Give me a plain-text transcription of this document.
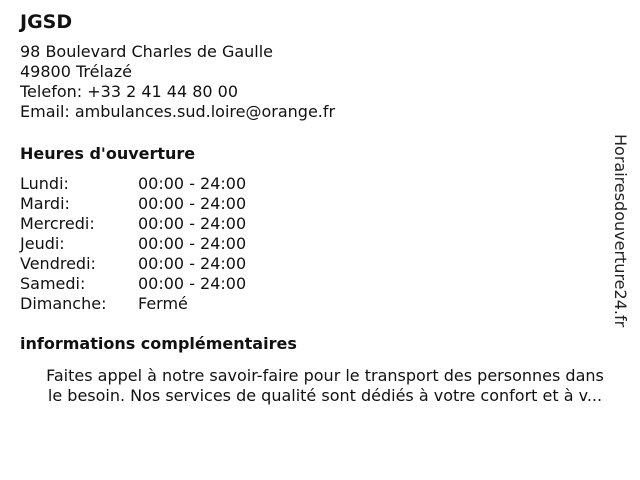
JGSD
98 Boulevard Charles de Gaulle
49800 Trélazé
Telefon: +33 2 41 44 80 00
Email: ambulances.sud.loire@orange.fr
Heures d'ouverture
Lundi:	00:00 - 24:00
Mardi:	00:00 - 24:00
Mercredi:	00:00 - 24:00
Jeudi:	00:00 - 24:00
Vendredi:	00:00 - 24:00
Samedi:	00:00 - 24:00
Dimanche:	Fermé
informations complémentaires
Faites appel à notre savoir-faire pour le transport des personnes dans
le besoin. Nos services de qualité sont dédiés à votre confort et à v...
Horairesdouverture24.fr
